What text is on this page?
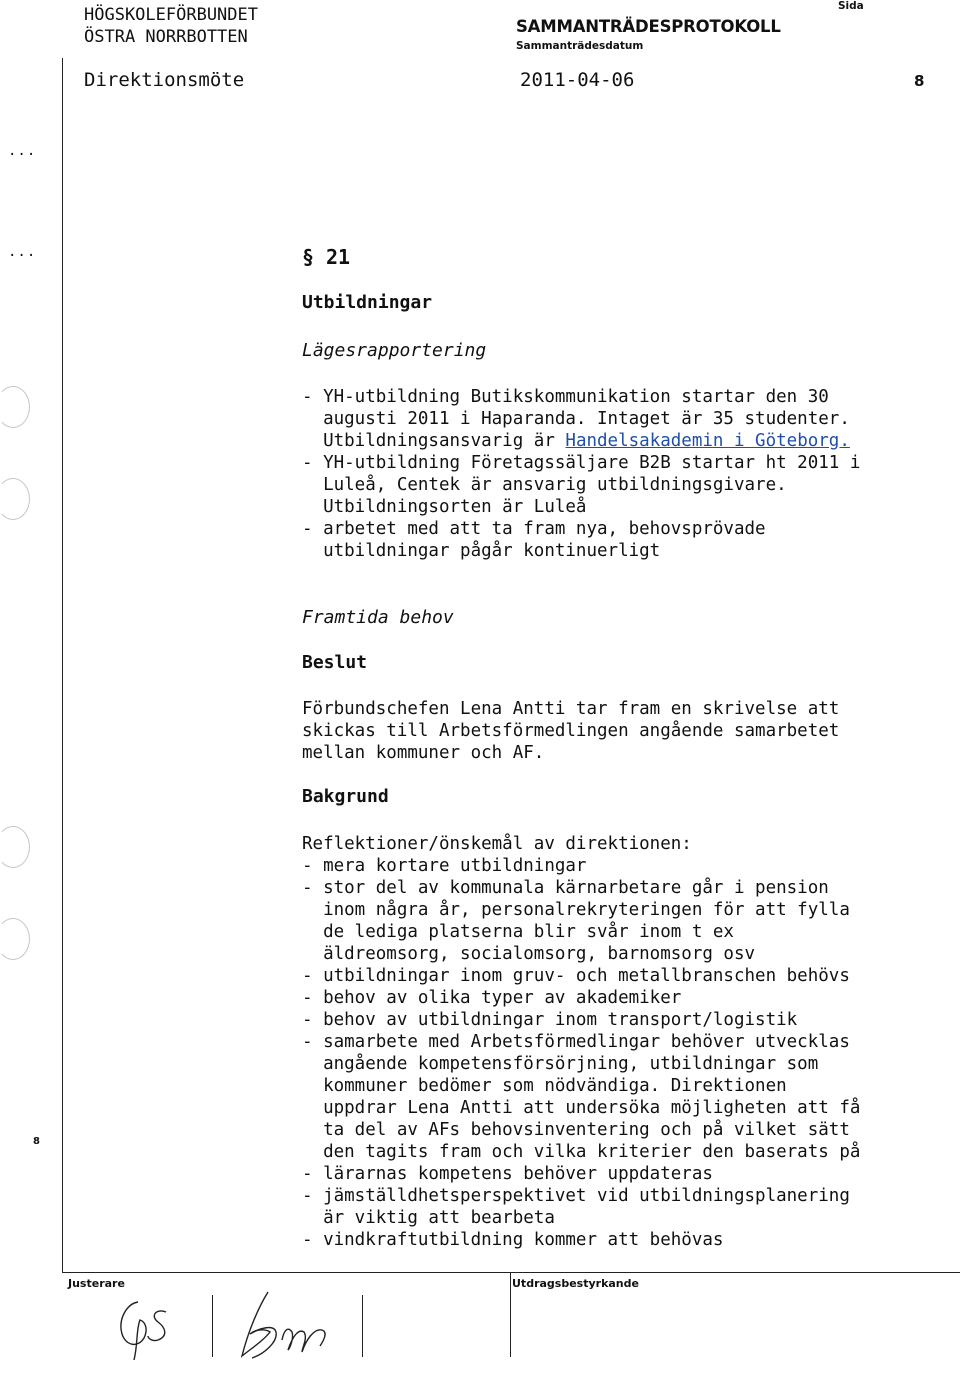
HÖGSKOLEFÖRBUNDET
ÖSTRA NORRBOTTEN
SAMMANTRÄDESPROTOKOLL
Sammanträdesdatum
Sida
Direktionsmöte	2011-04-06	8
...
...
8
§ 21
Utbildningar
Lägesrapportering
- YH-utbildning Butikskommunikation startar den 30
augusti 2011 i Haparanda. Intaget är 35 studenter.
Utbildningsansvarig är Handelsakademin i Göteborg.
- YH-utbildning Företagssäljare B2B startar ht 2011 i
Luleå, Centek är ansvarig utbildningsgivare.
Utbildningsorten är Luleå
- arbetet med att ta fram nya, behovsprövade
utbildningar pågår kontinuerligt
Framtida behov
Beslut
Förbundschefen Lena Antti tar fram en skrivelse att
skickas till Arbetsförmedlingen angående samarbetet
mellan kommuner och AF.
Bakgrund
Reflektioner/önskemål av direktionen:
- mera kortare utbildningar
- stor del av kommunala kärnarbetare går i pension
inom några år, personalrekryteringen för att fylla
de lediga platserna blir svår inom t ex
äldreomsorg, socialomsorg, barnomsorg osv
- utbildningar inom gruv- och metallbranschen behövs
- behov av olika typer av akademiker
- behov av utbildningar inom transport/logistik
- samarbete med Arbetsförmedlingar behöver utvecklas
angående kompetensförsörjning, utbildningar som
kommuner bedömer som nödvändiga. Direktionen
uppdrar Lena Antti att undersöka möjligheten att få
ta del av AFs behovsinventering och på vilket sätt
den tagits fram och vilka kriterier den baserats på
- lärarnas kompetens behöver uppdateras
- jämställdhetsperspektivet vid utbildningsplanering
är viktig att bearbeta
- vindkraftutbildning kommer att behövas
Justerare	Utdragsbestyrkande
